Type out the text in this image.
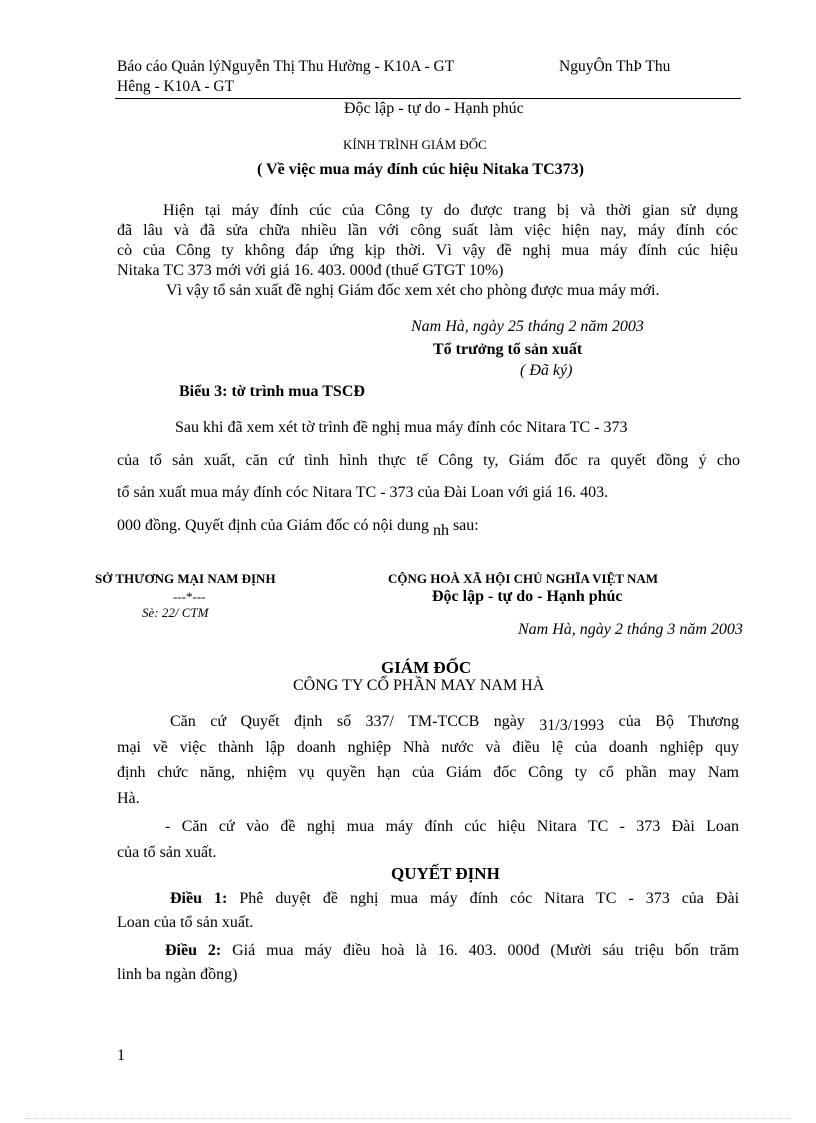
Báo cáo Quản lýNguyễn Thị Thu Hường - K10A - GT	NguyÔn ThÞ Thu
Hêng - K10A - GT
Độc lập - tự do - Hạnh phúc
KÍNH TRÌNH GIÁM ĐỐC
( Về việc mua máy đính cúc hiệu Nitaka TC373)
Hiện tại máy đính cúc của Công ty do được trang bị và thời gian sử dụng
đã lâu và đã sửa chữa nhiều lần với công suất làm việc hiện nay, máy đính cóc
cò của Công ty không đáp ứng kịp thời. Vì vậy đề nghị mua máy đính cúc hiệu
Nitaka TC 373 mới với giá 16. 403. 000đ (thuế GTGT 10%)
Vì vậy tổ sản xuất đề nghị Giám đốc xem xét cho phòng được mua máy mới.
Nam Hà, ngày 25 tháng 2 năm 2003
Tổ trưởng tổ sản xuất
( Đã ký)
Biểu 3: tờ trình mua TSCĐ
Sau khi đã xem xét tờ trình đề nghị mua máy đính cóc Nitara TC - 373
của tổ sản xuất, căn cứ tình hình thực tế Công ty, Giám đốc ra quyết đồng ý cho
tổ sản xuất mua máy đính cóc Nitara TC - 373 của Đài Loan với giá 16. 403.
000 đồng. Quyết định của Giám đốc có nội dung nh sau:
SỞ THƯƠNG MẠI NAM ĐỊNH
---*---
Sè: 22/ CTM
CỘNG HOÀ XÃ HỘI CHỦ NGHĨA VIỆT NAM
Độc lập - tự do - Hạnh phúc
Nam Hà, ngày 2 tháng 3 năm 2003
GIÁM ĐỐC
CÔNG TY CỔ PHẦN MAY NAM HÀ
Căn cứ Quyết định số 337/ TM-TCCB ngày 31/3/1993 của Bộ Thương
mại về việc thành lập doanh nghiệp Nhà nước và điều lệ của doanh nghiệp quy
định chức năng, nhiệm vụ quyền hạn của Giám đốc Công ty cổ phần may Nam
Hà.
- Căn cứ vào đề nghị mua máy đính cúc hiệu Nitara TC - 373 Đài Loan
của tổ sản xuất.
QUYẾT ĐỊNH
Điều 1: Phê duyệt đề nghị mua máy đính cóc Nitara TC - 373 của Đài
Loan của tổ sản xuất.
Điều 2: Giá mua máy điều hoà là 16. 403. 000đ (Mười sáu triệu bốn trăm
linh ba ngàn đồng)
1
